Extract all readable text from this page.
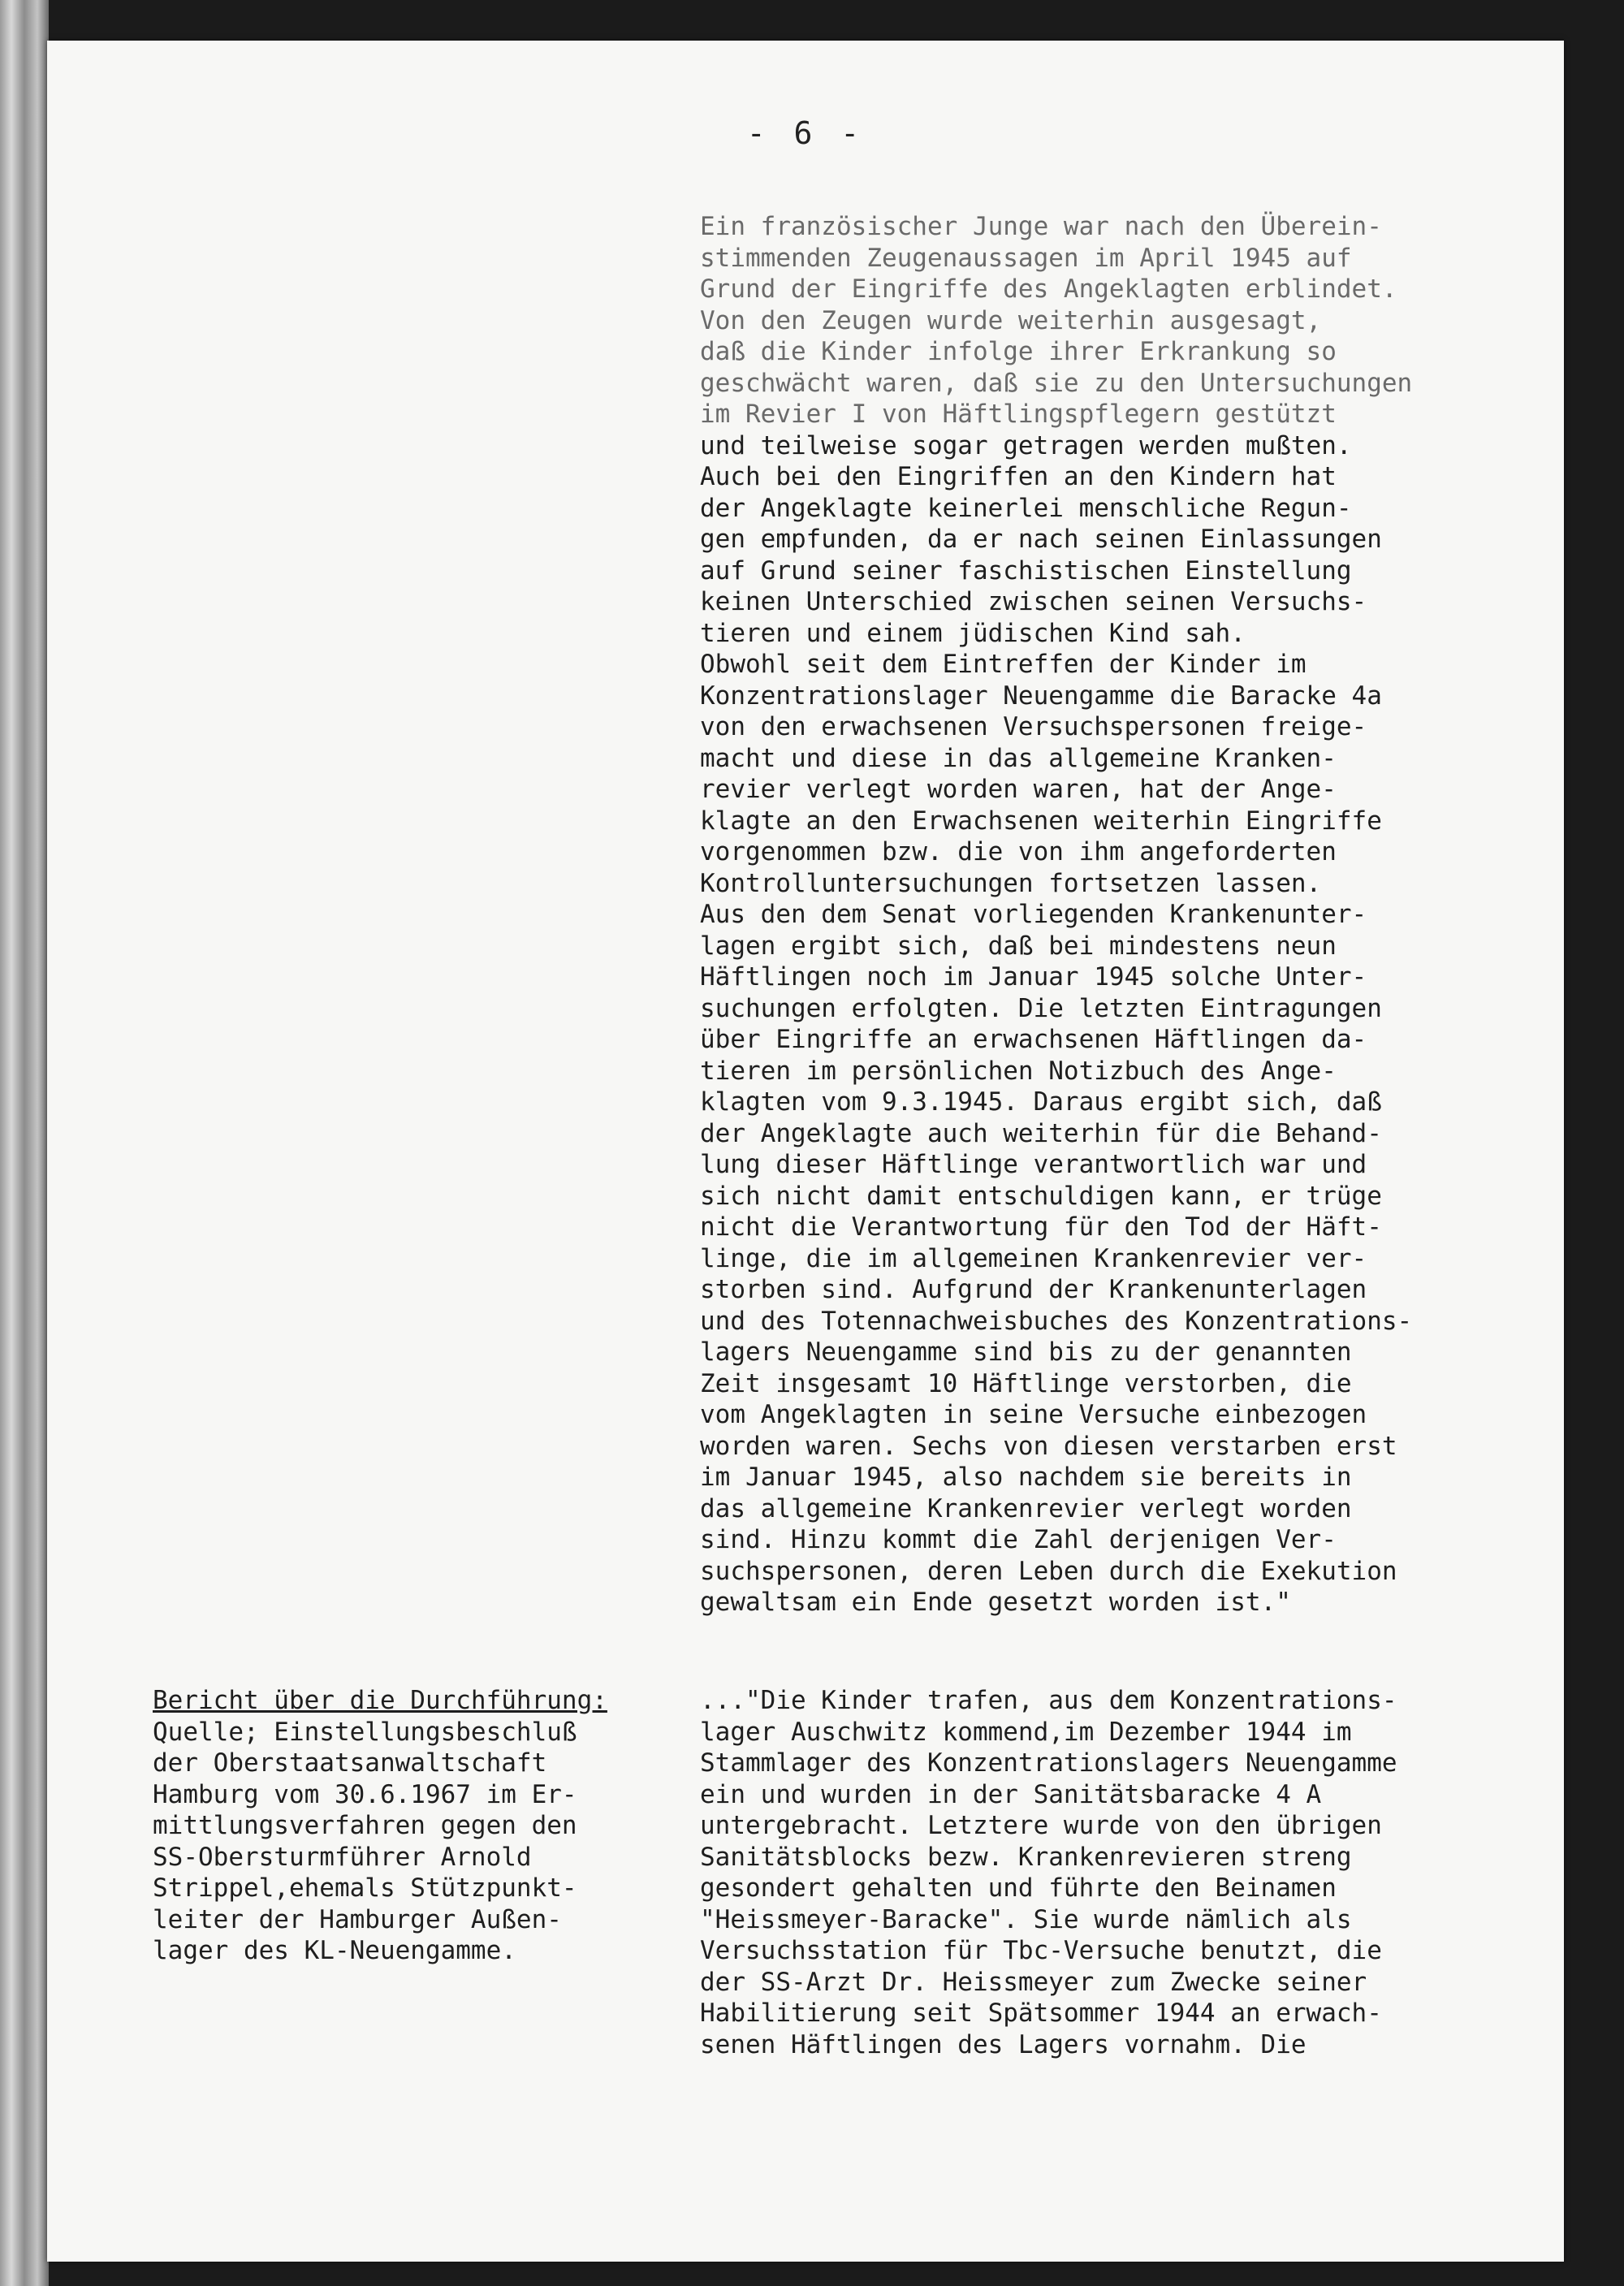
- 6 -
Ein französischer Junge war nach den Überein-
stimmenden Zeugenaussagen im April 1945 auf
Grund der Eingriffe des Angeklagten erblindet.
Von den Zeugen wurde weiterhin ausgesagt,
daß die Kinder infolge ihrer Erkrankung so
geschwächt waren, daß sie zu den Untersuchungen
im Revier I von Häftlingspflegern gestützt
und teilweise sogar getragen werden mußten.
Auch bei den Eingriffen an den Kindern hat
der Angeklagte keinerlei menschliche Regun-
gen empfunden, da er nach seinen Einlassungen
auf Grund seiner faschistischen Einstellung
keinen Unterschied zwischen seinen Versuchs-
tieren und einem jüdischen Kind sah.
Obwohl seit dem Eintreffen der Kinder im
Konzentrationslager Neuengamme die Baracke 4a
von den erwachsenen Versuchspersonen freige-
macht und diese in das allgemeine Kranken-
revier verlegt worden waren, hat der Ange-
klagte an den Erwachsenen weiterhin Eingriffe
vorgenommen bzw. die von ihm angeforderten
Kontrolluntersuchungen fortsetzen lassen.
Aus den dem Senat vorliegenden Krankenunter-
lagen ergibt sich, daß bei mindestens neun
Häftlingen noch im Januar 1945 solche Unter-
suchungen erfolgten. Die letzten Eintragungen
über Eingriffe an erwachsenen Häftlingen da-
tieren im persönlichen Notizbuch des Ange-
klagten vom 9.3.1945. Daraus ergibt sich, daß
der Angeklagte auch weiterhin für die Behand-
lung dieser Häftlinge verantwortlich war und
sich nicht damit entschuldigen kann, er trüge
nicht die Verantwortung für den Tod der Häft-
linge, die im allgemeinen Krankenrevier ver-
storben sind. Aufgrund der Krankenunterlagen
und des Totennachweisbuches des Konzentrations-
lagers Neuengamme sind bis zu der genannten
Zeit insgesamt 10 Häftlinge verstorben, die
vom Angeklagten in seine Versuche einbezogen
worden waren. Sechs von diesen verstarben erst
im Januar 1945, also nachdem sie bereits in
das allgemeine Krankenrevier verlegt worden
sind. Hinzu kommt die Zahl derjenigen Ver-
suchspersonen, deren Leben durch die Exekution
gewaltsam ein Ende gesetzt worden ist."
Bericht über die Durchführung:
Quelle; Einstellungsbeschluß
der Oberstaatsanwaltschaft
Hamburg vom 30.6.1967 im Er-
mittlungsverfahren gegen den
SS-Obersturmführer Arnold
Strippel,ehemals Stützpunkt-
leiter der Hamburger Außen-
lager des KL-Neuengamme.
..."Die Kinder trafen, aus dem Konzentrations-
lager Auschwitz kommend,im Dezember 1944 im
Stammlager des Konzentrationslagers Neuengamme
ein und wurden in der Sanitätsbaracke 4 A
untergebracht. Letztere wurde von den übrigen
Sanitätsblocks bezw. Krankenrevieren streng
gesondert gehalten und führte den Beinamen
"Heissmeyer-Baracke". Sie wurde nämlich als
Versuchsstation für Tbc-Versuche benutzt, die
der SS-Arzt Dr. Heissmeyer zum Zwecke seiner
Habilitierung seit Spätsommer 1944 an erwach-
senen Häftlingen des Lagers vornahm. Die
